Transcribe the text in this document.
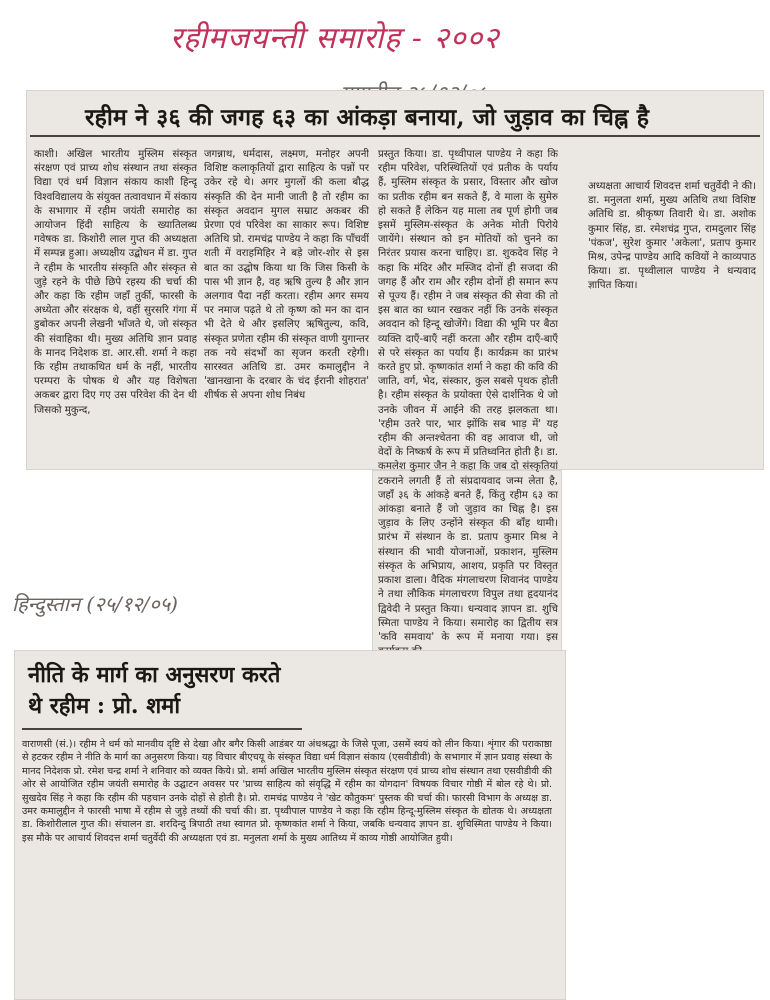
रहीमजयन्ती समारोह - २००२
हिन्दुस्तान (२५/१२/०५)
रहीम ने ३६ की जगह ६३ का आंकड़ा बनाया, जो जुड़ाव का चिह्न है
काशी। अखिल भारतीय मुस्लिम संस्कृत संरक्षण एवं प्राच्य शोध संस्थान तथा संस्कृत विद्या एवं धर्म विज्ञान संकाय काशी हिन्दू विश्वविद्यालय के संयुक्त तत्वावधान में संकाय के सभागार में रहीम जयंती समारोह का आयोजन हिंदी साहित्य के ख्यातिलब्ध गवेषक डा. किशोरी लाल गुप्त की अध्यक्षता में सम्पन्न हुआ। अध्यक्षीय उद्बोधन में डा. गुप्त ने रहीम के भारतीय संस्कृति और संस्कृत से जुड़े रहने के पीछे छिपे रहस्य की चर्चा की और कहा कि रहीम जहाँ तुर्की, फारसी के अध्येता और संरक्षक थे, वहीं सुरसरि गंगा में डुबोकर अपनी लेखनी भाँजते थे, जो संस्कृत की संवाहिका थी। मुख्य अतिथि ज्ञान प्रवाह के मानद निदेशक डा. आर.सी. शर्मा ने कहा कि रहीम तथाकथित धर्म के नहीं, भारतीय परम्परा के पोषक थे और यह विशेषता अकबर द्वारा दिए गए उस परिवेश की देन थी जिसको मुकुन्द,
जगन्नाथ, धर्मदास, लक्ष्मण, मनोहर अपनी विशिष्ट कलाकृतियों द्वारा साहित्य के पन्नों पर उकेर रहे थे। अगर मुगलों की कला बौद्ध संस्कृति की देन मानी जाती है तो रहीम का संस्कृत अवदान मुगल सम्राट अकबर की प्रेरणा एवं परिवेश का साकार रूप। विशिष्ट अतिथि प्रो. रामचंद्र पाण्डेय ने कहा कि पाँचवीं शती में वराहमिहिर ने बड़े जोर-शोर से इस बात का उद्घोष किया था कि जिस किसी के पास भी ज्ञान है, वह ऋषि तुल्य है और ज्ञान अलगाव पैदा नहीं करता। रहीम अगर समय पर नमाज पढ़ते थे तो कृष्ण को मन का दान भी देते थे और इसलिए ऋषितुल्य, कवि, संस्कृत प्रणेता रहीम की संस्कृत वाणी युगान्तर तक नये संदर्भों का सृजन करती रहेगी। सारस्वत अतिथि डा. उमर कमालुद्दीन ने 'खानखाना के दरबार के चंद ईरानी शोहरात' शीर्षक से अपना शोध निबंध
प्रस्तुत किया। डा. पृथ्वीपाल पाण्डेय ने कहा कि रहीम परिवेश, परिस्थितियों एवं प्रतीक के पर्याय हैं, मुस्लिम संस्कृत के प्रसार, विस्तार और खोज का प्रतीक रहीम बन सकते हैं, वे माला के सुमेरु हो सकते हैं लेकिन यह माला तब पूर्ण होगी जब इसमें मुस्लिम-संस्कृत के अनेक मोती पिरोये जायेंगे। संस्थान को इन मोतियों को चुनने का निरंतर प्रयास करना चाहिए। डा. शुकदेव सिंह ने कहा कि मंदिर और मस्जिद दोनों ही सजदा की जगह हैं और राम और रहीम दोनों ही समान रूप से पूज्य हैं। रहीम ने जब संस्कृत की सेवा की तो इस बात का ध्यान रखकर नहीं कि उनके संस्कृत अवदान को हिन्दू खोजेंगे। विद्या की भूमि पर बैठा व्यक्ति दाएँ-बाएँ नहीं करता और रहीम दाएँ-बाएँ से परे संस्कृत का पर्याय हैं। कार्यक्रम का प्रारंभ करते हुए प्रो. कृष्णकांत शर्मा ने कहा की कवि की जाति, वर्ग, भेद, संस्कार, कुल सबसे पृथक होती है। रहीम संस्कृत के प्रयोक्ता ऐसे दार्शनिक थे जो उनके जीवन में आईने की तरह झलकता था। 'रहीम उतरे पार, भार झोंकि सब भाड़ में' यह रहीम की अन्तश्चेतना की वह आवाज थी, जो वेदों के निष्कर्ष के रूप में प्रतिध्वनित होती है। डा. कमलेश कुमार जैन ने कहा कि जब दो संस्कृतियां टकराने लगती हैं तो संप्रदायवाद जन्म लेता है, जहाँ ३६ के आंकड़े बनते हैं, किंतु रहीम ६३ का आंकड़ा बनाते हैं जो जुड़ाव का चिह्न है। इस जुड़ाव के लिए उन्होंने संस्कृत की बाँह थामी। प्रारंभ में संस्थान के डा. प्रताप कुमार मिश्र ने संस्थान की भावी योजनाओं, प्रकाशन, मुस्लिम संस्कृत के अभिप्राय, आशय, प्रकृति पर विस्तृत प्रकाश डाला। वैदिक मंगलाचरण शिवानंद पाण्डेय ने तथा लौकिक मंगलाचरण विपुल तथा हृदयानंद द्विवेदी ने प्रस्तुत किया। धन्यवाद ज्ञापन डा. शुचि स्मिता पाण्डेय ने किया। समारोह का द्वितीय सत्र 'कवि समवाय' के रूप में मनाया गया। इस
अध्यक्षता आचार्य शिवदत्त शर्मा चतुर्वेदी ने की। डा. मनुलता शर्मा, मुख्य अतिथि तथा विशिष्ट अतिथि डा. श्रीकृष्ण तिवारी थे। डा. अशोक कुमार सिंह, डा. रमेशचंद्र गुप्त, रामदुलार सिंह 'पंकज', सुरेश कुमार 'अकेला', प्रताप कुमार मिश्र, उपेन्द्र पाण्डेय आदि कवियों ने काव्यपाठ किया। डा. पृथ्वीलाल पाण्डेय ने धन्यवाद ज्ञापित किया।
नीति के मार्ग का अनुसरण करते थे रहीम : प्रो. शर्मा
वाराणसी (सं.)। रहीम ने धर्म को मानवीय दृष्टि से देखा और बगैर किसी आडंबर या अंधश्रद्धा के जिसे पूजा, उसमें स्वयं को लीन किया। शृंगार की पराकाष्ठा से हटकर रहीम ने नीति के मार्ग का अनुसरण किया। यह विचार बीएचयू के संस्कृत विद्या धर्म विज्ञान संकाय (एसवीडीवी) के सभागार में ज्ञान प्रवाह संस्था के मानद निदेशक प्रो. रमेश चन्द्र शर्मा ने शनिवार को व्यक्त किये। प्रो. शर्मा अखिल भारतीय मुस्लिम संस्कृत संरक्षण एवं प्राच्य शोध संस्थान तथा एसवीडीवी की ओर से आयोजित रहीम जयंती समारोह के उद्घाटन अवसर पर 'प्राच्य साहित्य को संवृद्धि में रहीम का योगदान' विषयक विचार गोष्ठी में बोल रहे थे। प्रो. सुखदेव सिंह ने कहा कि रहीम की पहचान उनके दोहों से होती है। प्रो. रामचंद्र पाण्डेय ने 'खेट कौतुकम' पुस्तक की चर्चा की। फारसी विभाग के अध्यक्ष डा. उमर कमालुद्दीन ने फारसी भाषा में रहीम से जुड़े तथ्यों की चर्चा की। डा. पृथ्वीपाल पाण्डेय ने कहा कि रहीम हिन्दू-मुस्लिम संस्कृत के द्योतक थे। अध्यक्षता डा. किशोरीलाल गुप्त की। संचालन डा. शरदिन्दु त्रिपाठी तथा स्वागत प्रो. कृष्णकांत शर्मा ने किया, जबकि धन्यवाद ज्ञापन डा. शुचिस्मिता पाण्डेय ने किया। इस मौके पर आचार्य शिवदत्त शर्मा चतुर्वेदी की अध्यक्षता एवं डा. मनुलता शर्मा के मुख्य आतिथ्य में काव्य गोष्ठी आयोजित हुयी।
